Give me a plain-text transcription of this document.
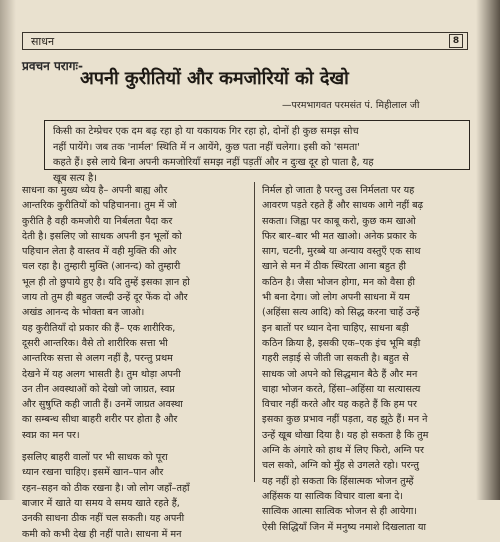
साधन	8
प्रवचन परागः-
अपनी कुरीतियों और कमजोरियों को देखो
—परमभागवत परमसंत पं. मिहीलाल जी
किसी का टेम्प्रेचर एक दम बढ़ रहा हो या यकायक गिर रहा हो, दोनों ही कुछ समझ सोच
नहीं पायेंगे। जब तक 'नार्मल' स्थिति में न आयेंगे, कुछ पता नहीं चलेगा। इसी को 'समता'
कहते हैं। इसे लाये बिना अपनी कमजोरियाँ समझ नहीं पड़तीं और न दुःख दूर हो पाता है, यह
खूब सत्य है।
साधना का मुख्य ध्येय है– अपनी बाह्य और
आन्तरिक कुरीतियों को पहिचानना। तुम में जो
कुरीति है वही कमजोरी या निर्बलता पैदा कर
देती है। इसलिए जो साधक अपनी इन भूलों को
पहिचान लेता है वास्तव में वही मुक्ति की ओर
चल रहा है। तुम्हारी मुक्ति (आनन्द) को तुम्हारी
भूल ही तो छुपाये हुए है। यदि तुम्हें इसका ज्ञान हो
जाय तो तुम ही बहुत जल्दी उन्हें दूर फेंक दो और
अखंड आनन्द के भोक्ता बन जाओ।
यह कुरीतियाँ दो प्रकार की हैं– एक शारीरिक,
दूसरी आन्तरिक। वैसे तो शारीरिक सत्ता भी
आन्तरिक सत्ता से अलग नहीं है, परन्तु प्रथम
देखने में यह अलग भासती है। तुम थोड़ा अपनी
उन तीन अवस्थाओं को देखो जो जाग्रत, स्वप्न
और सुषुप्ति कही जाती हैं। उनमें जाग्रत अवस्था
का सम्बन्ध सीधा बाहरी शरीर पर होता है और
स्वप्न का मन पर।
इसलिए बाहरी वालों पर भी साधक को पूरा
ध्यान रखना चाहिए। इसमें खान–पान और
रहन–सहन को ठीक रखना है। जो लोग जहाँ–तहाँ
बाजार में खाते या समय वे समय खाते रहते हैं,
उनकी साधना ठीक नहीं चल सकती। यह अपनी
कमी को कभी देख ही नहीं पाते। साधना में मन
निर्मल हो जाता है परन्तु उस निर्मलता पर यह
आवरण पड़ते रहते हैं और साधक आगे नहीं बढ़
सकता। जिह्वा पर काबू करो, कुछ कम खाओ
फिर बार–बार भी मत खाओ। अनेक प्रकार के
साग, चटनी, मुरब्बे या अन्याय वस्तुएँ एक साथ
खाने से मन में ठीक स्थिरता आना बहुत ही
कठिन है। जैसा भोजन होगा, मन को वैसा ही
भी बना देगा। जो लोग अपनी साधना में यम
(अहिंसा सत्य आदि) को सिद्ध करना चाहें उन्हें
इन बातों पर ध्यान देना चाहिए, साधना बड़ी
कठिन क्रिया है, इसकी एक–एक इंच भूमि बड़ी
गहरी लड़ाई से जीती जा सकती है। बहुत से
साधक जो अपने को सिद्धमान बैठे हैं और मन
चाहा भोजन करते, हिंसा–अहिंसा या सत्यासत्य
विचार नहीं करते और यह कहते हैं कि हम पर
इसका कुछ प्रभाव नहीं पड़ता, वह झूठे हैं। मन ने
उन्हें खूब धोखा दिया है। यह हो सकता है कि तुम
अग्नि के अंगारे को हाथ में लिए फिरो, अग्नि पर
चल सको, अग्नि को मुँह से उगलते रहो। परन्तु
यह नहीं हो सकता कि हिंसात्मक भोजन तुम्हें
अहिंसक या सात्विक विचार वाला बना दे।
सात्विक आत्मा सात्विक भोजन से ही आयेगा।
ऐसी सिद्धियाँ जिन में मनुष्य नमाशे दिखलाता या
